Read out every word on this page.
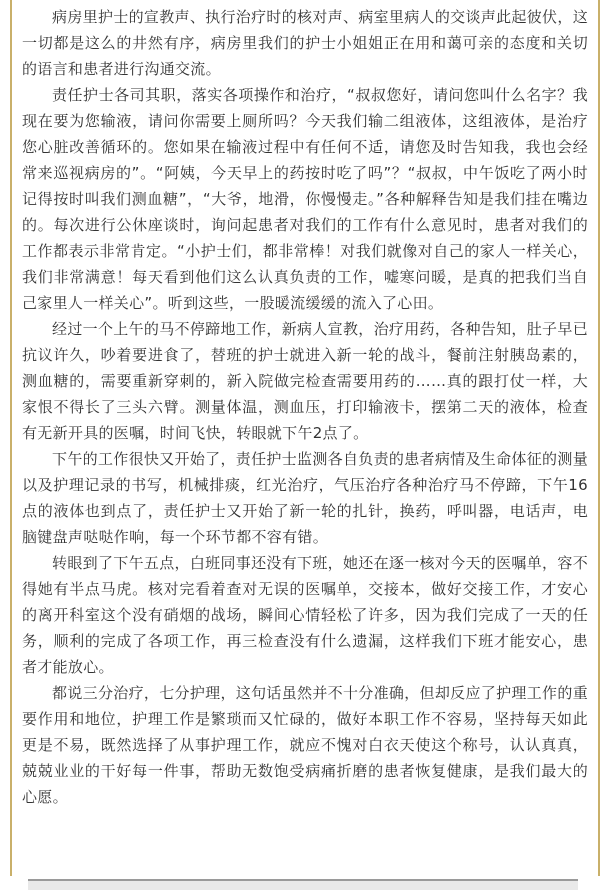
病房里护士的宣教声、执行治疗时的核对声、病室里病人的交谈声此起彼伏，这一切都是这么的井然有序，病房里我们的护士小姐姐正在用和蔼可亲的态度和关切的语言和患者进行沟通交流。

责任护士各司其职，落实各项操作和治疗，“叔叔您好，请问您叫什么名字？我现在要为您输液，请问你需要上厕所吗？今天我们输二组液体，这组液体，是治疗您心脏改善循环的。您如果在输液过程中有任何不适，请您及时告知我，我也会经常来巡视病房的”。“阿姨，今天早上的药按时吃了吗”？“叔叔，中午饭吃了两小时记得按时叫我们测血糖”，“大爷，地滑，你慢慢走。”各种解释告知是我们挂在嘴边的。每次进行公休座谈时，询问起患者对我们的工作有什么意见时，患者对我们的工作都表示非常肯定。“小护士们，都非常棒！对我们就像对自己的家人一样关心，我们非常满意！每天看到他们这么认真负责的工作，嘘寒问暖，是真的把我们当自己家里人一样关心”。听到这些，一股暖流缓缓的流入了心田。

经过一个上午的马不停蹄地工作，新病人宣教，治疗用药，各种告知，肚子早已抗议许久，吵着要进食了，替班的护士就进入新一轮的战斗，餐前注射胰岛素的，测血糖的，需要重新穿刺的，新入院做完检查需要用药的……真的跟打仗一样，大家恨不得长了三头六臂。测量体温，测血压，打印输液卡，摆第二天的液体，检查有无新开具的医嘱，时间飞快，转眼就下午2点了。

下午的工作很快又开始了，责任护士监测各自负责的患者病情及生命体征的测量以及护理记录的书写，机械排痰，红光治疗，气压治疗各种治疗马不停蹄，下午16点的液体也到点了，责任护士又开始了新一轮的扎针，换药，呼叫器，电话声，电脑键盘声哒哒作响，每一个环节都不容有错。

转眼到了下午五点，白班同事还没有下班，她还在逐一核对今天的医嘱单，容不得她有半点马虎。核对完看着查对无误的医嘱单，交接本，做好交接工作，才安心的离开科室这个没有硝烟的战场，瞬间心情轻松了许多，因为我们完成了一天的任务，顺利的完成了各项工作，再三检查没有什么遗漏，这样我们下班才能安心，患者才能放心。

都说三分治疗，七分护理，这句话虽然并不十分准确，但却反应了护理工作的重要作用和地位，护理工作是繁琐而又忙碌的，做好本职工作不容易，坚持每天如此更是不易，既然选择了从事护理工作，就应不愧对白衣天使这个称号，认认真真，兢兢业业的干好每一件事，帮助无数饱受病痛折磨的患者恢复健康，是我们最大的心愿。
